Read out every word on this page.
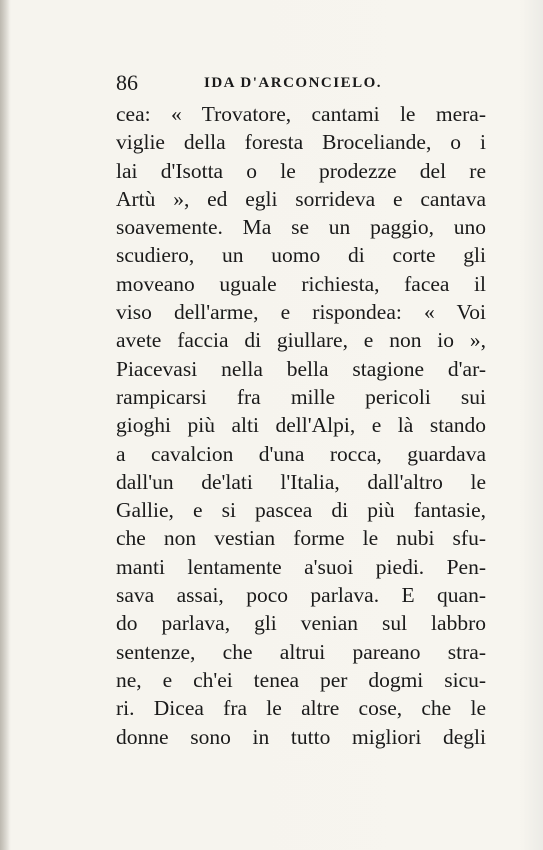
86	IDA D'ARCONCIELO.
cea: « Trovatore, cantami le mera-
viglie della foresta Broceliande, o i
lai d'Isotta o le prodezze del re
Artù », ed egli sorrideva e cantava
soavemente. Ma se un paggio, uno
scudiero, un uomo di corte gli
moveano uguale richiesta, facea il
viso dell'arme, e rispondea: « Voi
avete faccia di giullare, e non io »,
Piacevasi nella bella stagione d'ar-
rampicarsi fra mille pericoli sui
gioghi più alti dell'Alpi, e là stando
a cavalcion d'una rocca, guardava
dall'un de'lati l'Italia, dall'altro le
Gallie, e si pascea di più fantasie,
che non vestian forme le nubi sfu-
manti lentamente a'suoi piedi. Pen-
sava assai, poco parlava. E quan-
do parlava, gli venian sul labbro
sentenze, che altrui pareano stra-
ne, e ch'ei tenea per dogmi sicu-
ri. Dicea fra le altre cose, che le
donne sono in tutto migliori degli
